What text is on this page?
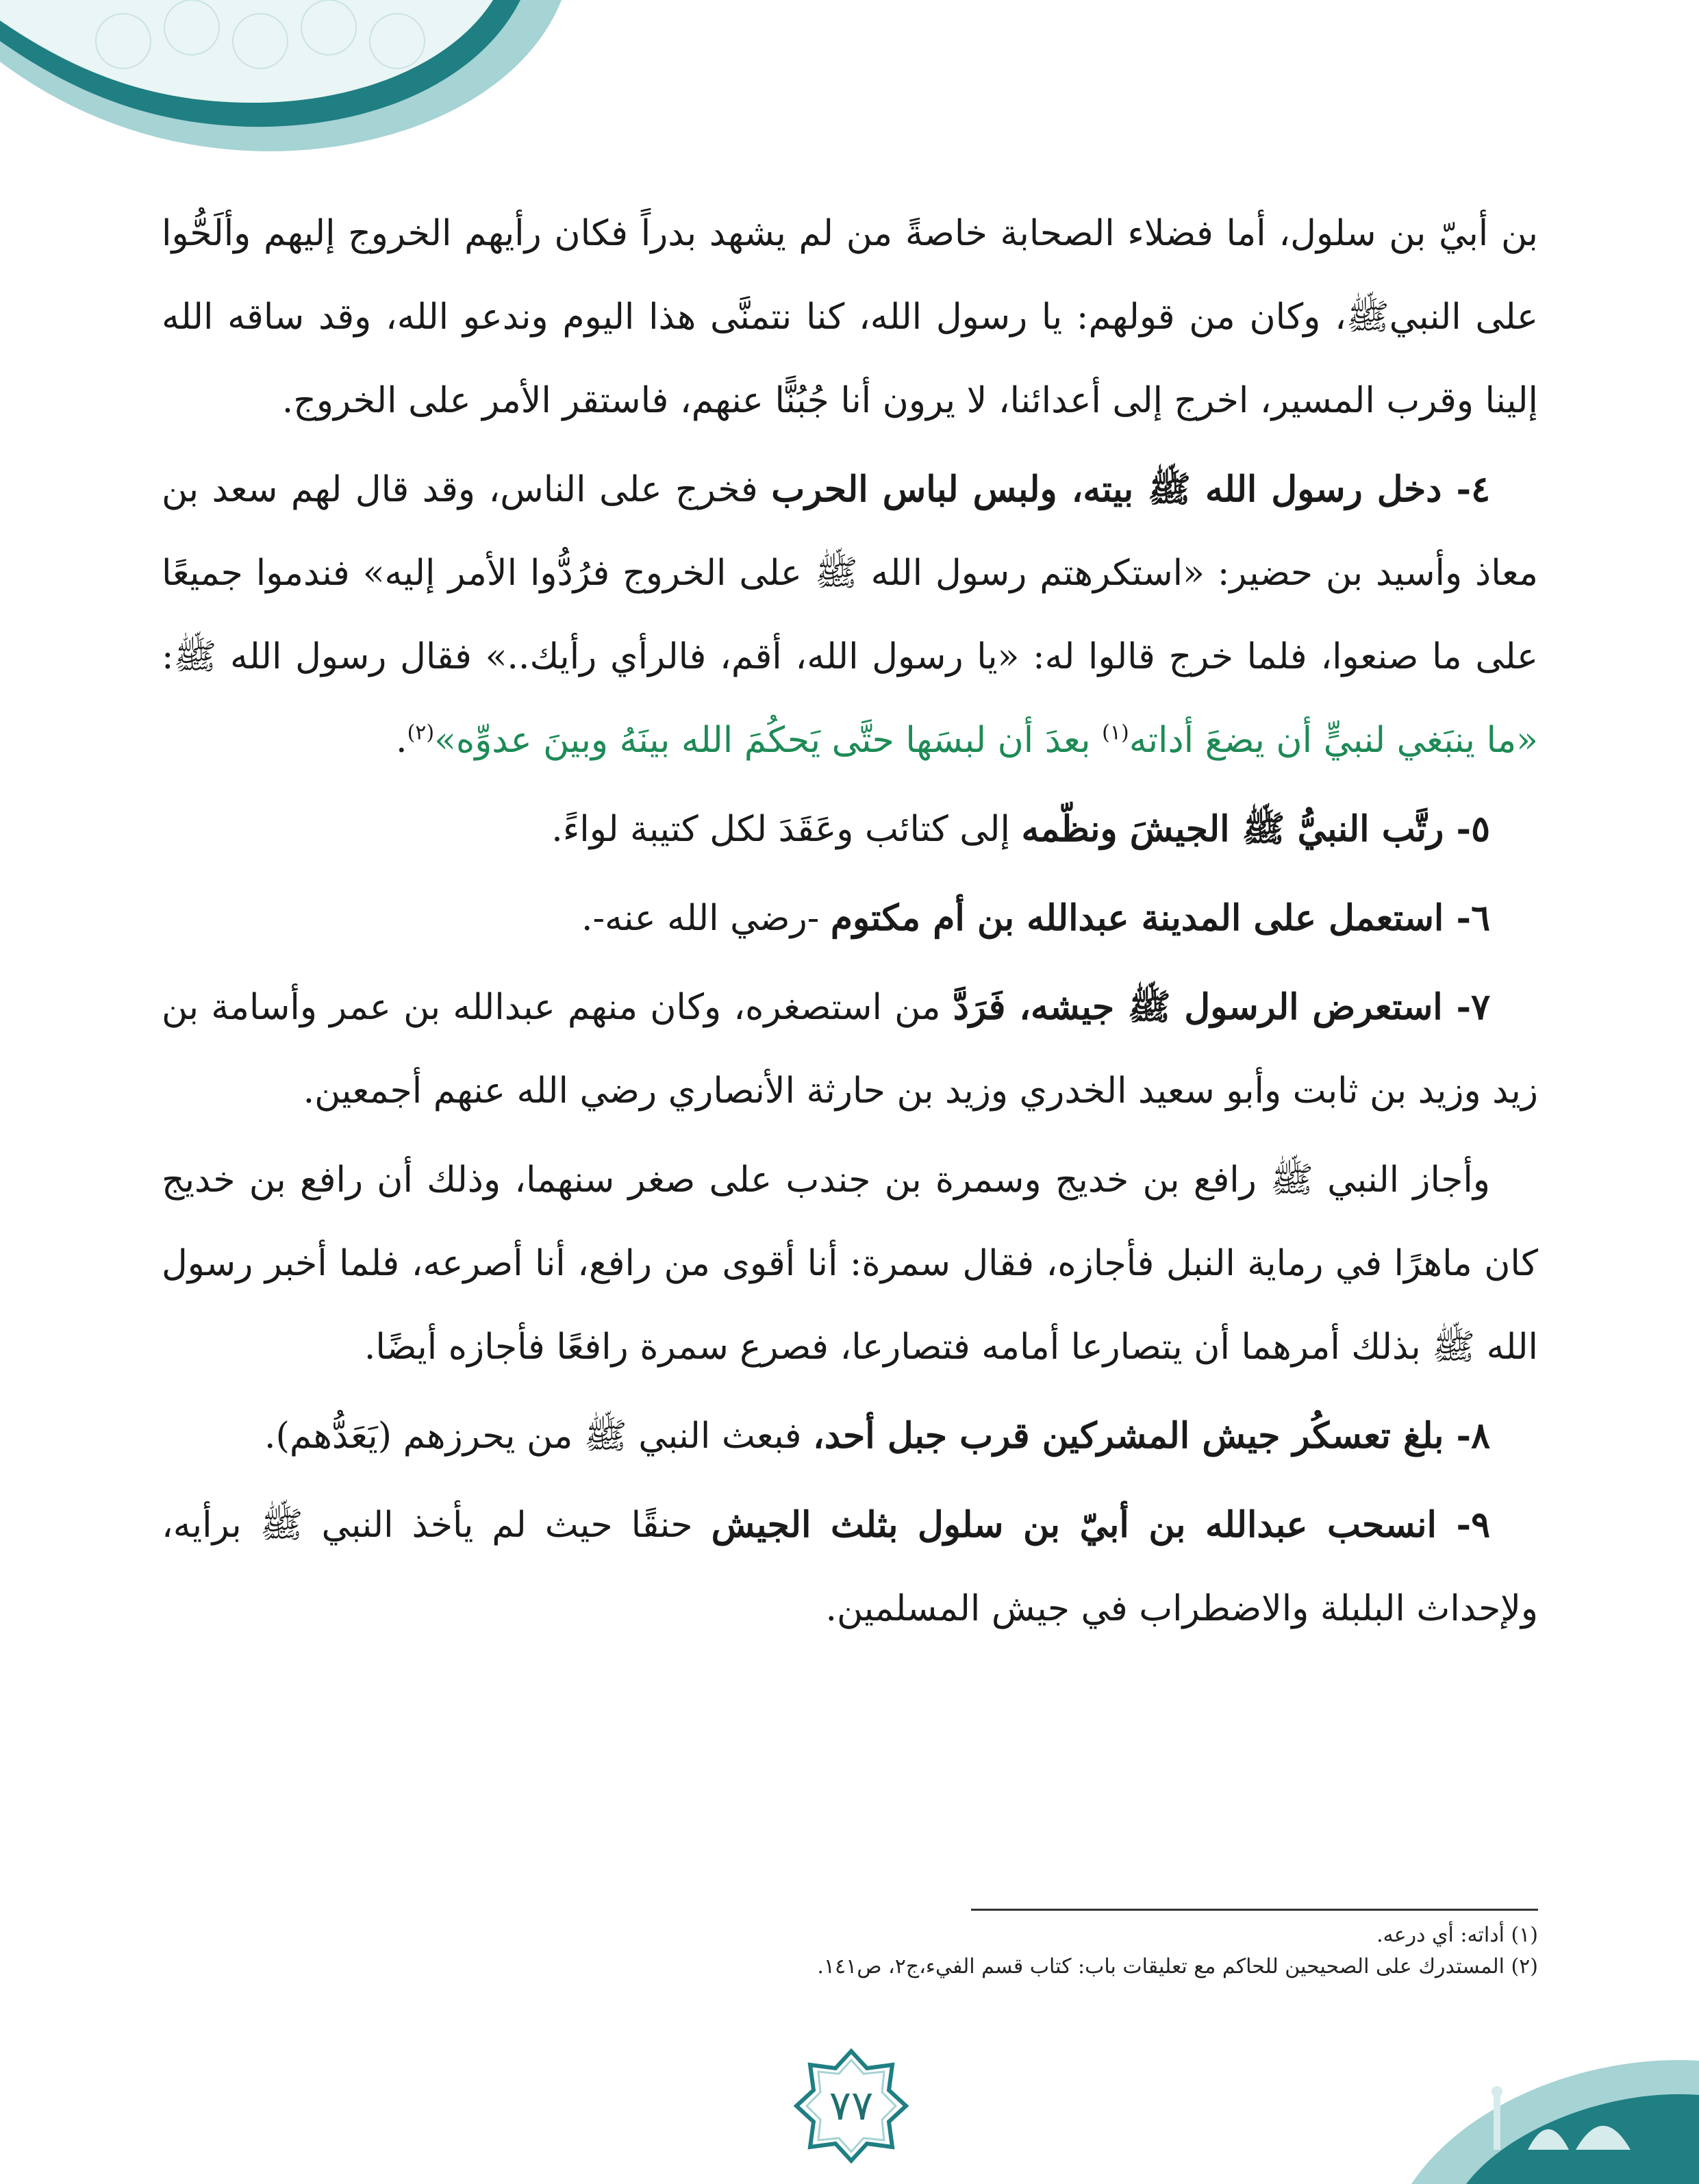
بن أبيّ بن سلول، أما فضلاء الصحابة خاصةً من لم يشهد بدراً فكان رأيهم الخروج إليهم وألَحُّوا على النبيﷺ، وكان من قولهم: يا رسول الله، كنا نتمنَّى هذا اليوم وندعو الله، وقد ساقه الله إلينا وقرب المسير، اخرج إلى أعدائنا، لا يرون أنا جُبُنًّا عنهم، فاستقر الأمر على الخروج.

٤- دخل رسول الله ﷺ بيته، ولبس لباس الحرب فخرج على الناس، وقد قال لهم سعد بن معاذ وأسيد بن حضير: «استكرهتم رسول الله ﷺ على الخروج فرُدُّوا الأمر إليه» فندموا جميعًا على ما صنعوا، فلما خرج قالوا له: «يا رسول الله، أقم، فالرأي رأيك..» فقال رسول الله ﷺ: «ما ينبَغي لنبيٍّ أن يضعَ أداته$^{(١)}$ بعدَ أن لبسَها حتَّى يَحكُمَ الله بينَهُ وبينَ عدوِّه»$^{(٢)}$.

٥- رتَّب النبيُّ ﷺ الجيشَ ونظّمه إلى كتائب وعَقَدَ لكل كتيبة لواءً.

٦- استعمل على المدينة عبدالله بن أم مكتوم -رضي الله عنه-.

٧- استعرض الرسول ﷺ جيشه، فَرَدَّ من استصغره، وكان منهم عبدالله بن عمر وأسامة بن زيد وزيد بن ثابت وأبو سعيد الخدري وزيد بن حارثة الأنصاري رضي الله عنهم أجمعين.

وأجاز النبي ﷺ رافع بن خديج وسمرة بن جندب على صغر سنهما، وذلك أن رافع بن خديج كان ماهرًا في رماية النبل فأجازه، فقال سمرة: أنا أقوى من رافع، أنا أصرعه، فلما أخبر رسول الله ﷺ بذلك أمرهما أن يتصارعا أمامه فتصارعا، فصرع سمرة رافعًا فأجازه أيضًا.

٨- بلغ تعسكُر جيش المشركين قرب جبل أحد، فبعث النبي ﷺ من يحرزهم (يَعَدُّهم).

٩- انسحب عبدالله بن أبيّ بن سلول بثلث الجيش حنقًا حيث لم يأخذ النبي ﷺ برأيه، ولإحداث البلبلة والاضطراب في جيش المسلمين.

(١) أداته: أي درعه.
(٢) المستدرك على الصحيحين للحاكم مع تعليقات باب: كتاب قسم الفيء،ج٢، ص١٤١.
٧٧
